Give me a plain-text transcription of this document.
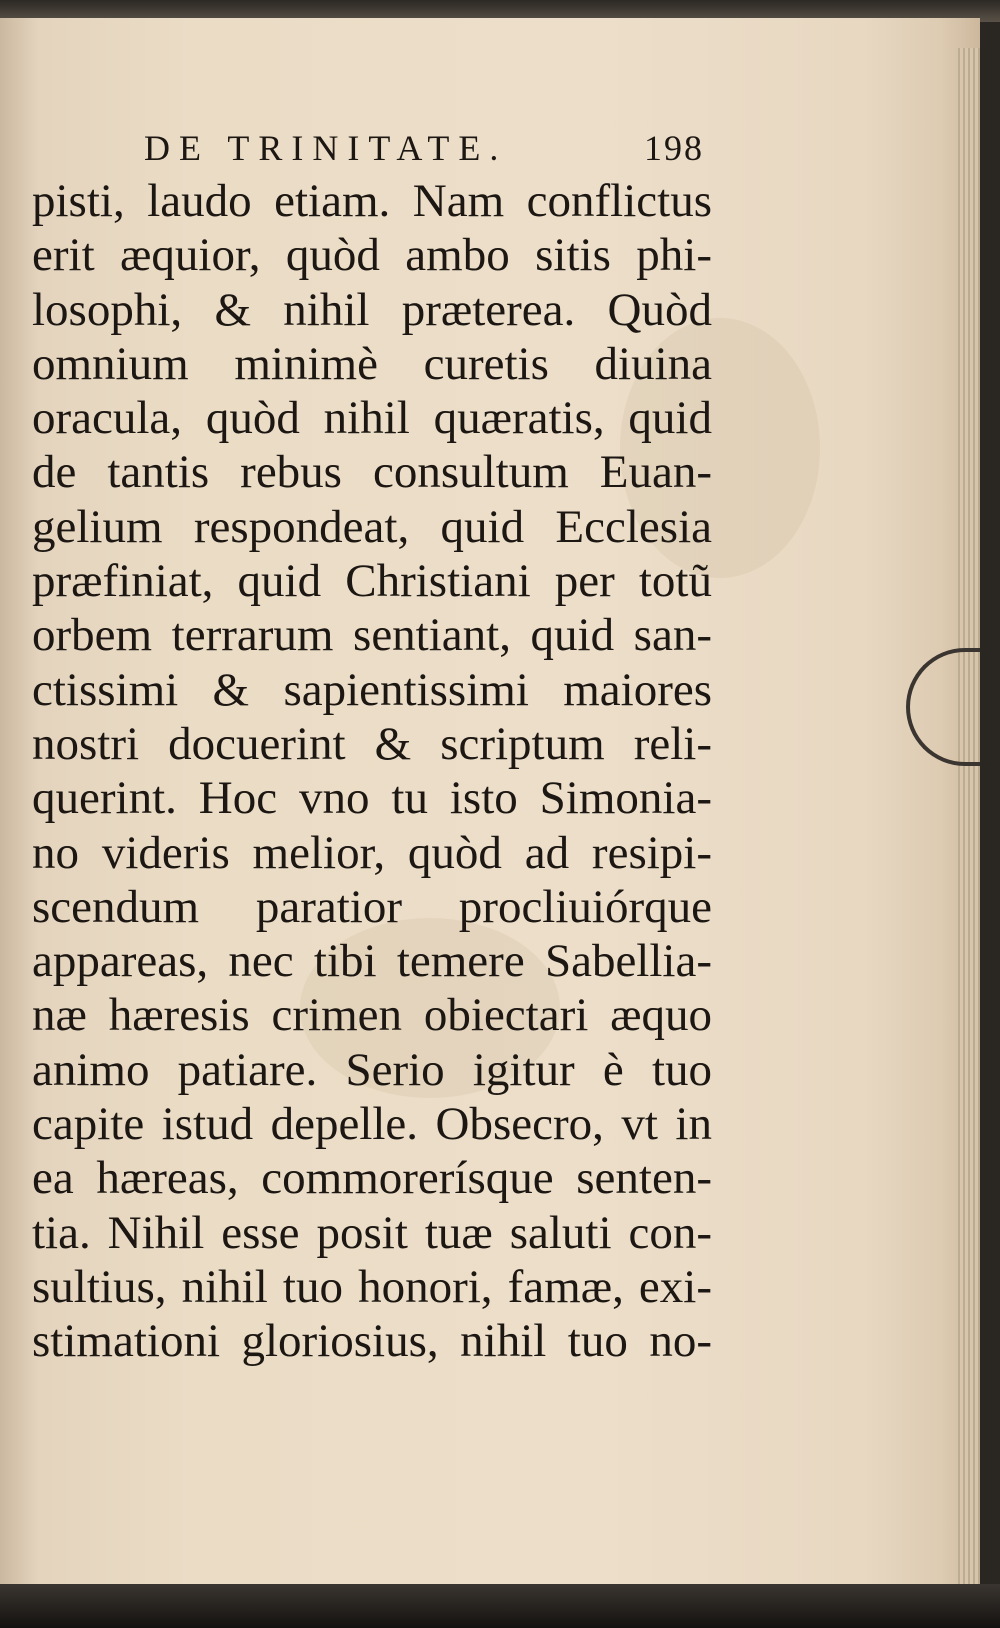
DE TRINITATE.	198
pisti, laudo etiam. Nam conflictus
erit æquior, quòd ambo sitis phi-
losophi, & nihil præterea. Quòd
omnium minimè curetis diuina
oracula, quòd nihil quæratis, quid
de tantis rebus consultum Euan-
gelium respondeat, quid Ecclesia
præfiniat, quid Christiani per totũ
orbem terrarum sentiant, quid san-
ctissimi & sapientissimi maiores
nostri docuerint & scriptum reli-
querint. Hoc vno tu isto Simonia-
no videris melior, quòd ad resipi-
scendum paratior procliuiórque
appareas, nec tibi temere Sabellia-
næ hæresis crimen obiectari æquo
animo patiare. Serio igitur è tuo
capite istud depelle. Obsecro, vt in
ea hæreas, commorerísque senten-
tia. Nihil esse posit tuæ saluti con-
sultius, nihil tuo honori, famæ, exi-
stimationi gloriosius, nihil tuo no-
